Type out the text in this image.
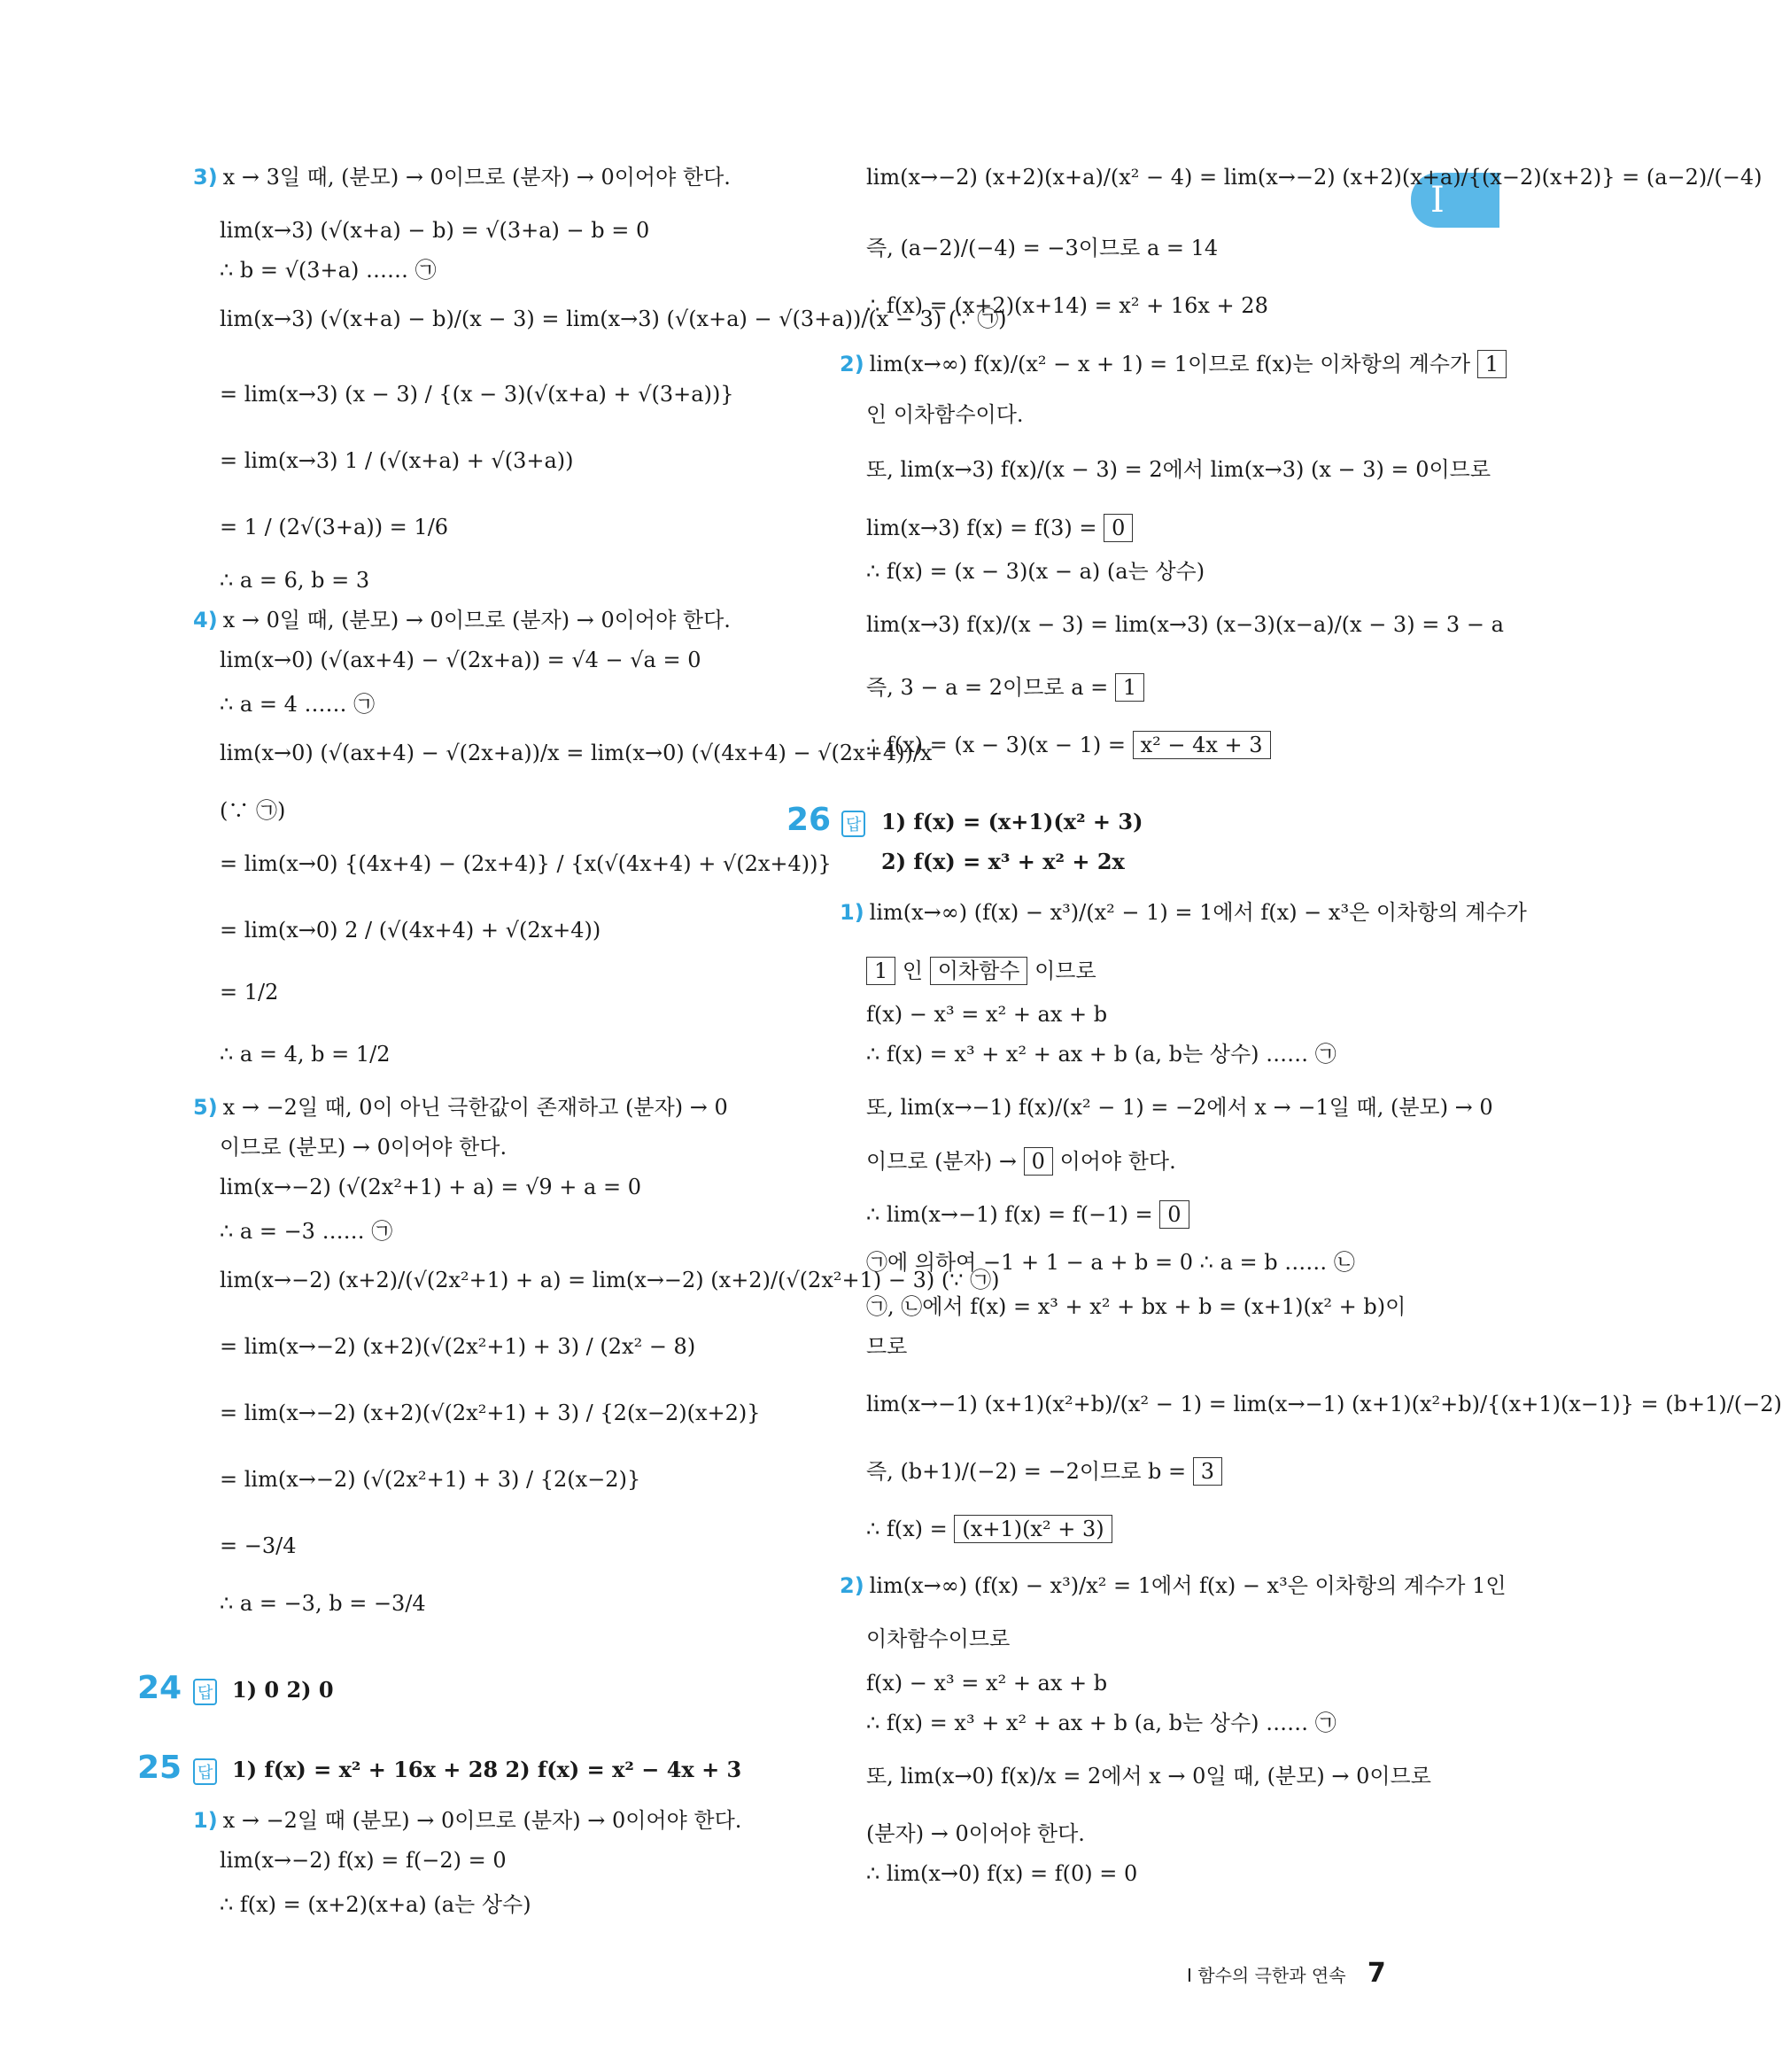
I
3) x → 3일 때, (분모) → 0이므로 (분자) → 0이어야 한다.
lim(x→3) (√(x+a) − b) = √(3+a) − b = 0
∴ b = √(3+a) …… ㉠
lim(x→3) (√(x+a) − b)/(x − 3) = lim(x→3) (√(x+a) − √(3+a))/(x − 3) (∵ ㉠)
= lim(x→3) (x − 3) / {(x − 3)(√(x+a) + √(3+a))}
= lim(x→3) 1 / (√(x+a) + √(3+a))
= 1 / (2√(3+a)) = 1/6
∴ a = 6, b = 3
4) x → 0일 때, (분모) → 0이므로 (분자) → 0이어야 한다.
lim(x→0) (√(ax+4) − √(2x+a)) = √4 − √a = 0
∴ a = 4 …… ㉠
lim(x→0) (√(ax+4) − √(2x+a))/x = lim(x→0) (√(4x+4) − √(2x+4))/x
(∵ ㉠)
= lim(x→0) {(4x+4) − (2x+4)} / {x(√(4x+4) + √(2x+4))}
= lim(x→0) 2 / (√(4x+4) + √(2x+4))
= 1/2
∴ a = 4, b = 1/2
5) x → −2일 때, 0이 아닌 극한값이 존재하고 (분자) → 0
이므로 (분모) → 0이어야 한다.
lim(x→−2) (√(2x²+1) + a) = √9 + a = 0
∴ a = −3 …… ㉠
lim(x→−2) (x+2)/(√(2x²+1) + a) = lim(x→−2) (x+2)/(√(2x²+1) − 3) (∵ ㉠)
= lim(x→−2) (x+2)(√(2x²+1) + 3) / (2x² − 8)
= lim(x→−2) (x+2)(√(2x²+1) + 3) / {2(x−2)(x+2)}
= lim(x→−2) (√(2x²+1) + 3) / {2(x−2)}
= −3/4
∴ a = −3, b = −3/4
24 답 1) 0 2) 0
25 답 1) f(x) = x² + 16x + 28 2) f(x) = x² − 4x + 3
1) x → −2일 때 (분모) → 0이므로 (분자) → 0이어야 한다.
lim(x→−2) f(x) = f(−2) = 0
∴ f(x) = (x+2)(x+a) (a는 상수)
lim(x→−2) (x+2)(x+a)/(x² − 4) = lim(x→−2) (x+2)(x+a)/{(x−2)(x+2)} = (a−2)/(−4)
즉, (a−2)/(−4) = −3이므로 a = 14
∴ f(x) = (x+2)(x+14) = x² + 16x + 28
2) lim(x→∞) f(x)/(x² − x + 1) = 1이므로 f(x)는 이차항의 계수가 1
인 이차함수이다.
또, lim(x→3) f(x)/(x − 3) = 2에서 lim(x→3) (x − 3) = 0이므로
lim(x→3) f(x) = f(3) = 0
∴ f(x) = (x − 3)(x − a) (a는 상수)
lim(x→3) f(x)/(x − 3) = lim(x→3) (x−3)(x−a)/(x − 3) = 3 − a
즉, 3 − a = 2이므로 a = 1
∴ f(x) = (x − 3)(x − 1) = x² − 4x + 3
26 답 1) f(x) = (x+1)(x² + 3)
2) f(x) = x³ + x² + 2x
1) lim(x→∞) (f(x) − x³)/(x² − 1) = 1에서 f(x) − x³은 이차항의 계수가
1 인 이차함수 이므로
f(x) − x³ = x² + ax + b
∴ f(x) = x³ + x² + ax + b (a, b는 상수) …… ㉠
또, lim(x→−1) f(x)/(x² − 1) = −2에서 x → −1일 때, (분모) → 0
이므로 (분자) → 0 이어야 한다.
∴ lim(x→−1) f(x) = f(−1) = 0
㉠에 의하여 −1 + 1 − a + b = 0 ∴ a = b …… ㉡
㉠, ㉡에서 f(x) = x³ + x² + bx + b = (x+1)(x² + b)이
므로
lim(x→−1) (x+1)(x²+b)/(x² − 1) = lim(x→−1) (x+1)(x²+b)/{(x+1)(x−1)} = (b+1)/(−2)
즉, (b+1)/(−2) = −2이므로 b = 3
∴ f(x) = (x+1)(x² + 3)
2) lim(x→∞) (f(x) − x³)/x² = 1에서 f(x) − x³은 이차항의 계수가 1인
이차함수이므로
f(x) − x³ = x² + ax + b
∴ f(x) = x³ + x² + ax + b (a, b는 상수) …… ㉠
또, lim(x→0) f(x)/x = 2에서 x → 0일 때, (분모) → 0이므로
(분자) → 0이어야 한다.
∴ lim(x→0) f(x) = f(0) = 0
I 함수의 극한과 연속 7
